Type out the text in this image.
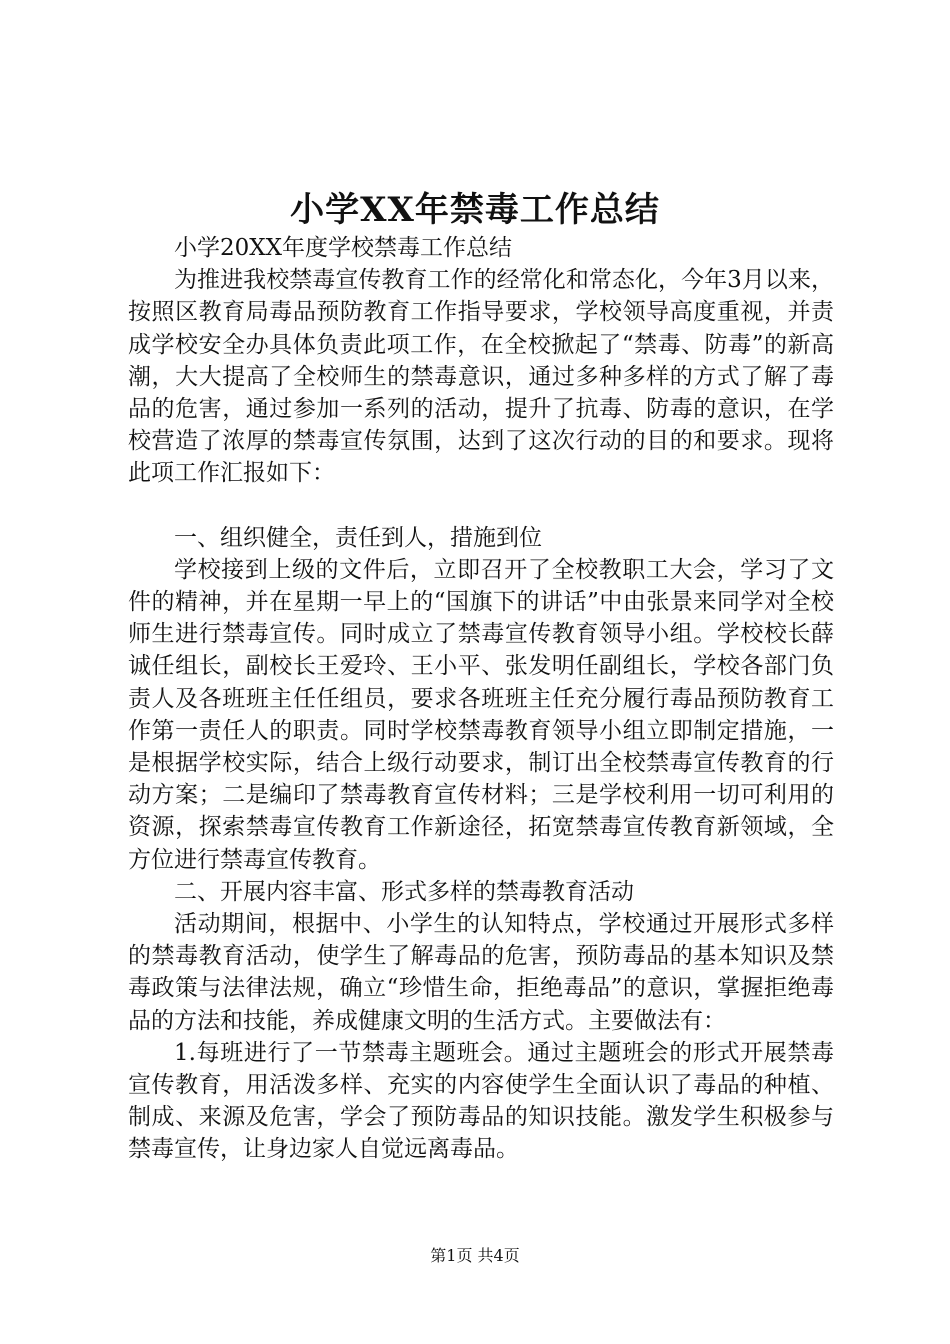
小学XX年禁毒工作总结

小学20XX年度学校禁毒工作总结

为推进我校禁毒宣传教育工作的经常化和常态化，今年3月以来，按照区教育局毒品预防教育工作指导要求，学校领导高度重视，并责成学校安全办具体负责此项工作，在全校掀起了“禁毒、防毒”的新高潮，大大提高了全校师生的禁毒意识，通过多种多样的方式了解了毒品的危害，通过参加一系列的活动，提升了抗毒、防毒的意识，在学校营造了浓厚的禁毒宣传氛围，达到了这次行动的目的和要求。现将此项工作汇报如下：

一、组织健全，责任到人，措施到位

学校接到上级的文件后，立即召开了全校教职工大会，学习了文件的精神，并在星期一早上的“国旗下的讲话”中由张景来同学对全校师生进行禁毒宣传。同时成立了禁毒宣传教育领导小组。学校校长薛诚任组长，副校长王爱玲、王小平、张发明任副组长，学校各部门负责人及各班班主任任组员，要求各班班主任充分履行毒品预防教育工作第一责任人的职责。同时学校禁毒教育领导小组立即制定措施，一是根据学校实际，结合上级行动要求，制订出全校禁毒宣传教育的行动方案；二是编印了禁毒教育宣传材料；三是学校利用一切可利用的资源，探索禁毒宣传教育工作新途径，拓宽禁毒宣传教育新领域，全方位进行禁毒宣传教育。

二、开展内容丰富、形式多样的禁毒教育活动

活动期间，根据中、小学生的认知特点，学校通过开展形式多样的禁毒教育活动，使学生了解毒品的危害，预防毒品的基本知识及禁毒政策与法律法规，确立“珍惜生命，拒绝毒品”的意识，掌握拒绝毒品的方法和技能，养成健康文明的生活方式。主要做法有：

1.每班进行了一节禁毒主题班会。通过主题班会的形式开展禁毒宣传教育，用活泼多样、充实的内容使学生全面认识了毒品的种植、制成、来源及危害，学会了预防毒品的知识技能。激发学生积极参与禁毒宣传，让身边家人自觉远离毒品。

第1页 共4页
